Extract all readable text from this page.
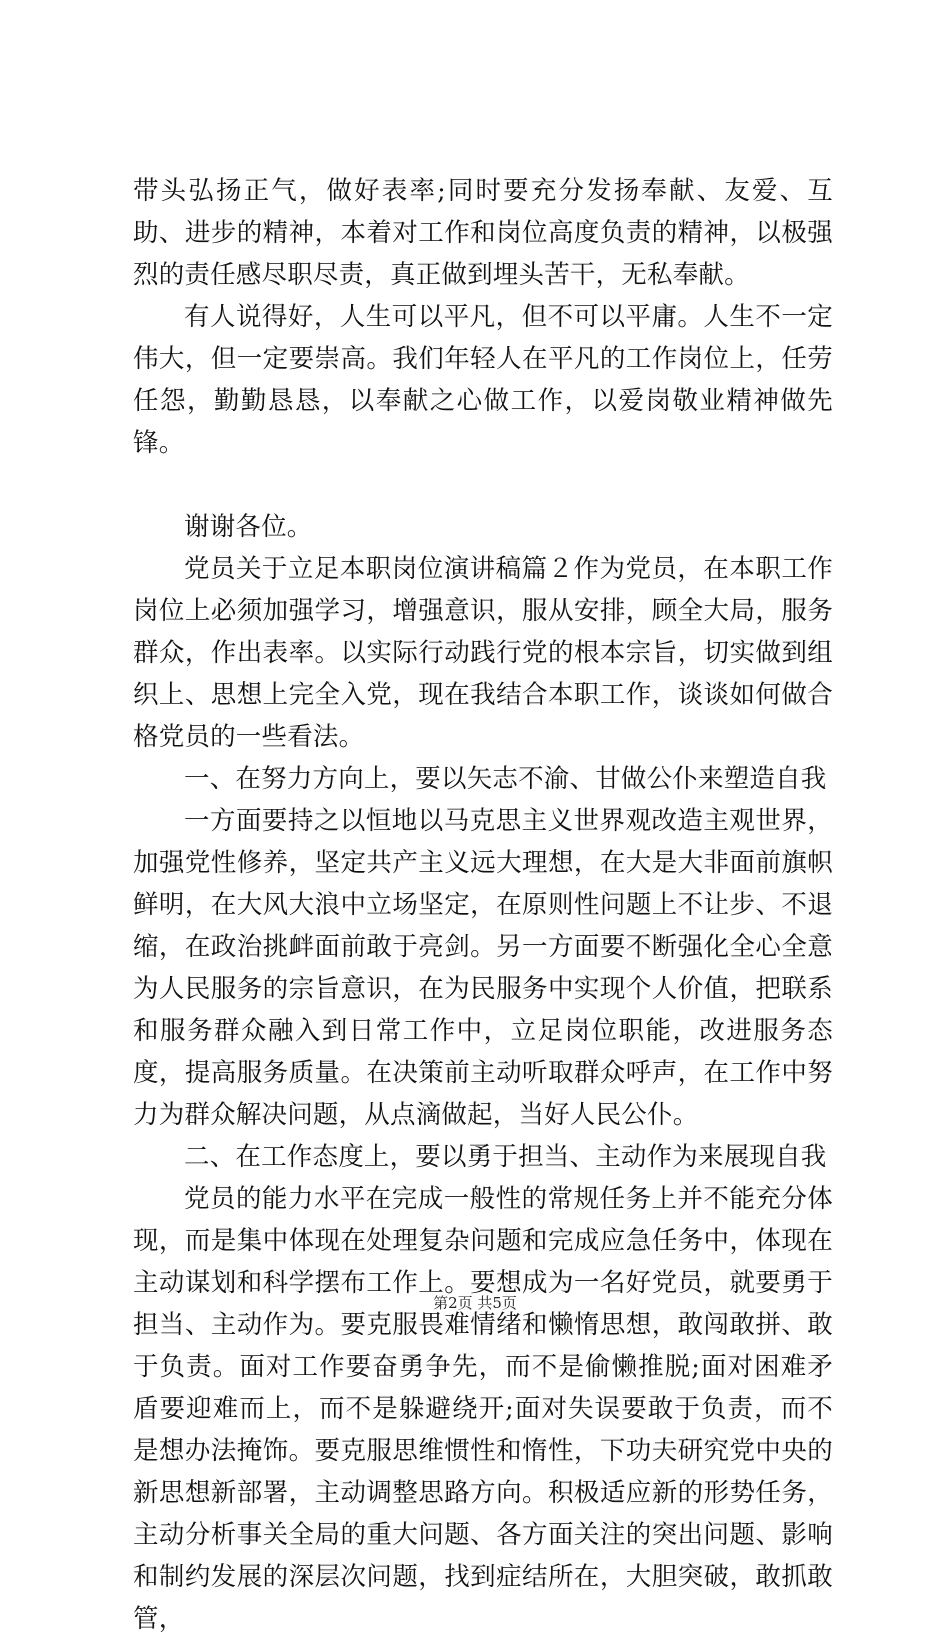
带头弘扬正气，做好表率;同时要充分发扬奉献、友爱、互助、进步的精神，本着对工作和岗位高度负责的精神，以极强烈的责任感尽职尽责，真正做到埋头苦干，无私奉献。

有人说得好，人生可以平凡，但不可以平庸。人生不一定伟大，但一定要崇高。我们年轻人在平凡的工作岗位上，任劳任怨，勤勤恳恳，以奉献之心做工作，以爱岗敬业精神做先锋。

谢谢各位。

党员关于立足本职岗位演讲稿篇２作为党员，在本职工作岗位上必须加强学习，增强意识，服从安排，顾全大局，服务群众，作出表率。以实际行动践行党的根本宗旨，切实做到组织上、思想上完全入党，现在我结合本职工作，谈谈如何做合格党员的一些看法。

一、在努力方向上，要以矢志不渝、甘做公仆来塑造自我

一方面要持之以恒地以马克思主义世界观改造主观世界，加强党性修养，坚定共产主义远大理想，在大是大非面前旗帜鲜明，在大风大浪中立场坚定，在原则性问题上不让步、不退缩，在政治挑衅面前敢于亮剑。另一方面要不断强化全心全意为人民服务的宗旨意识，在为民服务中实现个人价值，把联系和服务群众融入到日常工作中，立足岗位职能，改进服务态度，提高服务质量。在决策前主动听取群众呼声，在工作中努力为群众解决问题，从点滴做起，当好人民公仆。

二、在工作态度上，要以勇于担当、主动作为来展现自我

党员的能力水平在完成一般性的常规任务上并不能充分体现，而是集中体现在处理复杂问题和完成应急任务中，体现在主动谋划和科学摆布工作上。要想成为一名好党员，就要勇于担当、主动作为。要克服畏难情绪和懒惰思想，敢闯敢拼、敢于负责。面对工作要奋勇争先，而不是偷懒推脱;面对困难矛盾要迎难而上，而不是躲避绕开;面对失误要敢于负责，而不是想办法掩饰。要克服思维惯性和惰性，下功夫研究党中央的新思想新部署，主动调整思路方向。积极适应新的形势任务，主动分析事关全局的重大问题、各方面关注的突出问题、影响和制约发展的深层次问题，找到症结所在，大胆突破，敢抓敢管，

第2页 共5页
